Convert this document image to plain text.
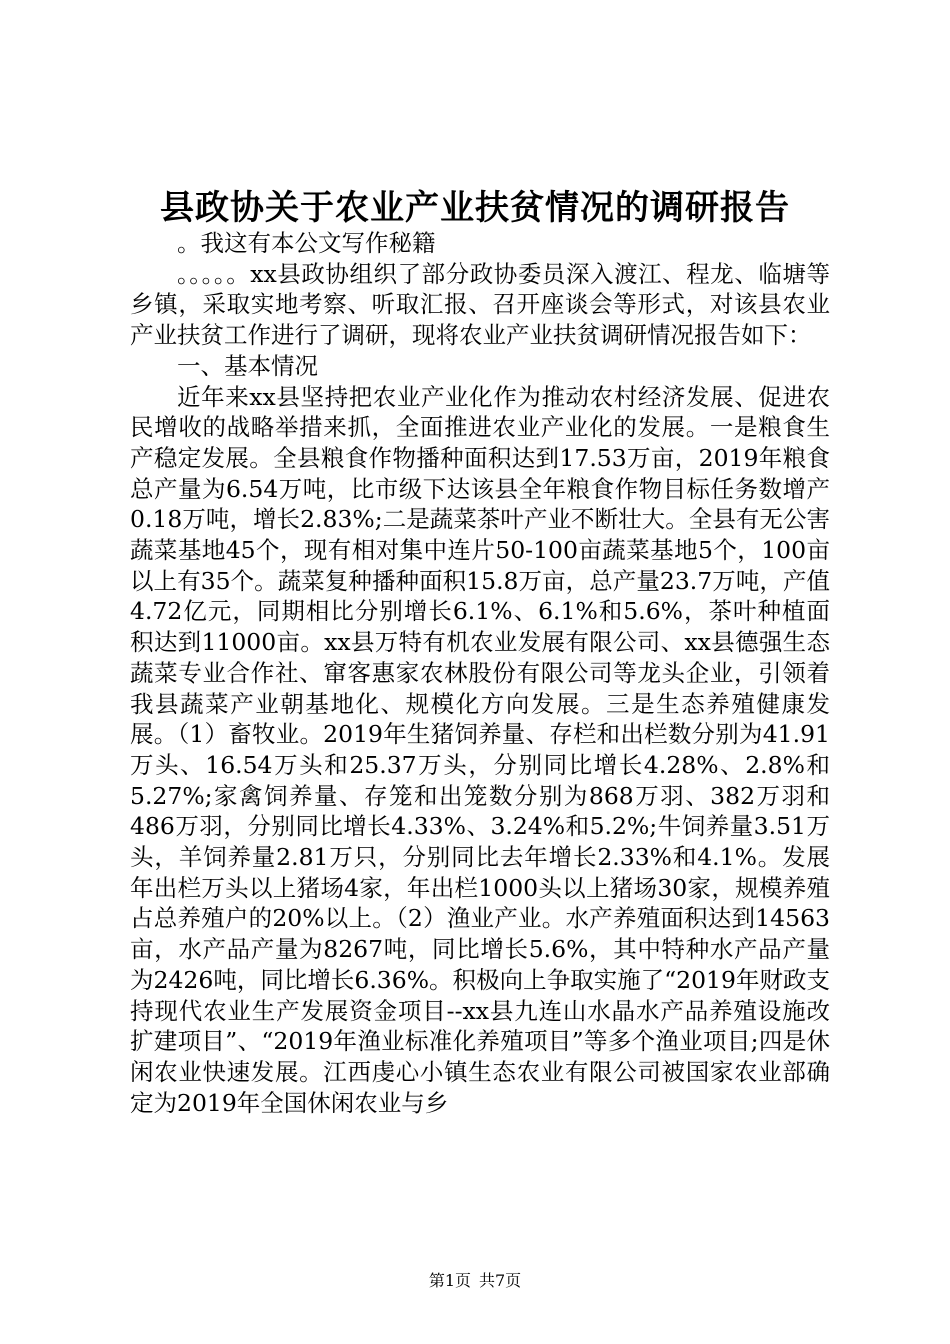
县政协关于农业产业扶贫情况的调研报告

。我这有本公文写作秘籍

。。。。。xx县政协组织了部分政协委员深入渡江、程龙、临塘等乡镇，采取实地考察、听取汇报、召开座谈会等形式，对该县农业产业扶贫工作进行了调研，现将农业产业扶贫调研情况报告如下：

一、基本情况

近年来xx县坚持把农业产业化作为推动农村经济发展、促进农民增收的战略举措来抓，全面推进农业产业化的发展。一是粮食生产稳定发展。全县粮食作物播种面积达到17.53万亩，2019年粮食总产量为6.54万吨，比市级下达该县全年粮食作物目标任务数增产0.18万吨，增长2.83%;二是蔬菜茶叶产业不断壮大。全县有无公害蔬菜基地45个，现有相对集中连片50-100亩蔬菜基地5个，100亩以上有35个。蔬菜复种播种面积15.8万亩，总产量23.7万吨，产值4.72亿元，同期相比分别增长6.1%、6.1%和5.6%，茶叶种植面积达到11000亩。xx县万特有机农业发展有限公司、xx县德强生态蔬菜专业合作社、窜客惠家农林股份有限公司等龙头企业，引领着我县蔬菜产业朝基地化、规模化方向发展。三是生态养殖健康发展。（1）畜牧业。2019年生猪饲养量、存栏和出栏数分别为41.91万头、16.54万头和25.37万头，分别同比增长4.28%、2.8%和5.27%;家禽饲养量、存笼和出笼数分别为868万羽、382万羽和486万羽，分别同比增长4.33%、3.24%和5.2%;牛饲养量3.51万头，羊饲养量2.81万只，分别同比去年增长2.33%和4.1%。发展年出栏万头以上猪场4家，年出栏1000头以上猪场30家，规模养殖占总养殖户的20%以上。（2）渔业产业。水产养殖面积达到14563亩，水产品产量为8267吨，同比增长5.6%，其中特种水产品产量为2426吨，同比增长6.36%。积极向上争取实施了“2019年财政支持现代农业生产发展资金项目--xx县九连山水晶水产品养殖设施改扩建项目”、“2019年渔业标准化养殖项目”等多个渔业项目;四是休闲农业快速发展。江西虔心小镇生态农业有限公司被国家农业部确定为2019年全国休闲农业与乡

第1页 共7页
